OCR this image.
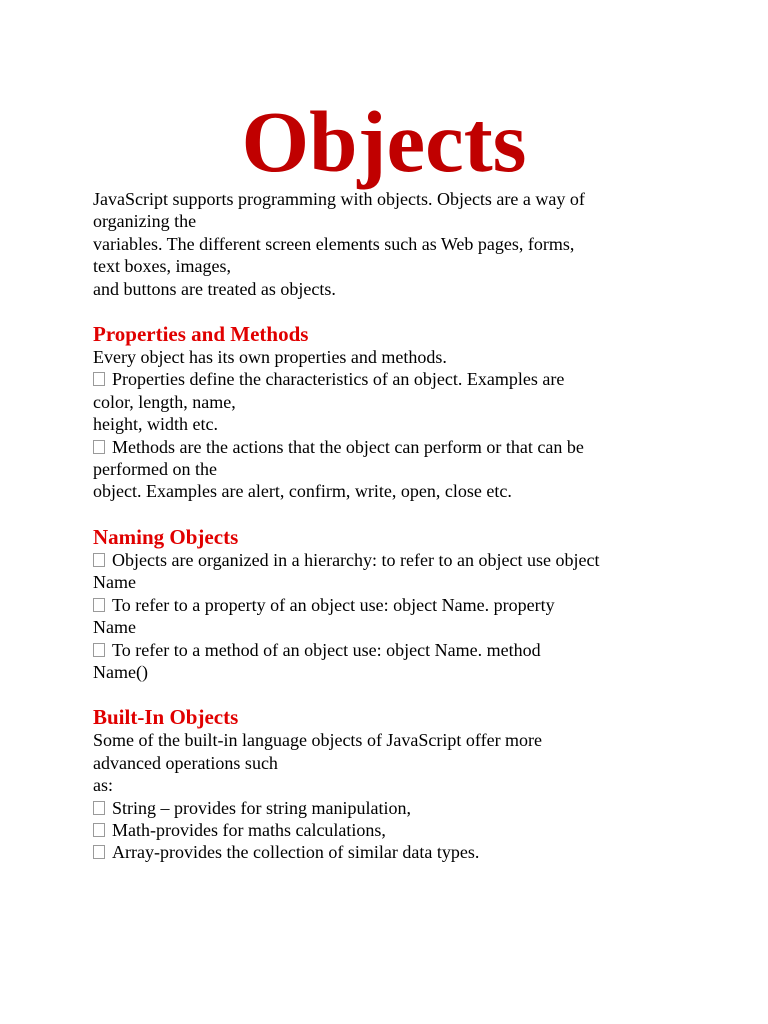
Objects
JavaScript supports programming with objects. Objects are a way of
organizing the
variables. The different screen elements such as Web pages, forms,
text boxes, images,
and buttons are treated as objects.
Properties and Methods
Every object has its own properties and methods.
Properties define the characteristics of an object. Examples are
color, length, name,
height, width etc.
Methods are the actions that the object can perform or that can be
performed on the
object. Examples are alert, confirm, write, open, close etc.
Naming Objects
Objects are organized in a hierarchy: to refer to an object use object
Name
To refer to a property of an object use: object Name. property
Name
To refer to a method of an object use: object Name. method
Name()
Built-In Objects
Some of the built-in language objects of JavaScript offer more
advanced operations such
as:
String – provides for string manipulation,
Math-provides for maths calculations,
Array-provides the collection of similar data types.
